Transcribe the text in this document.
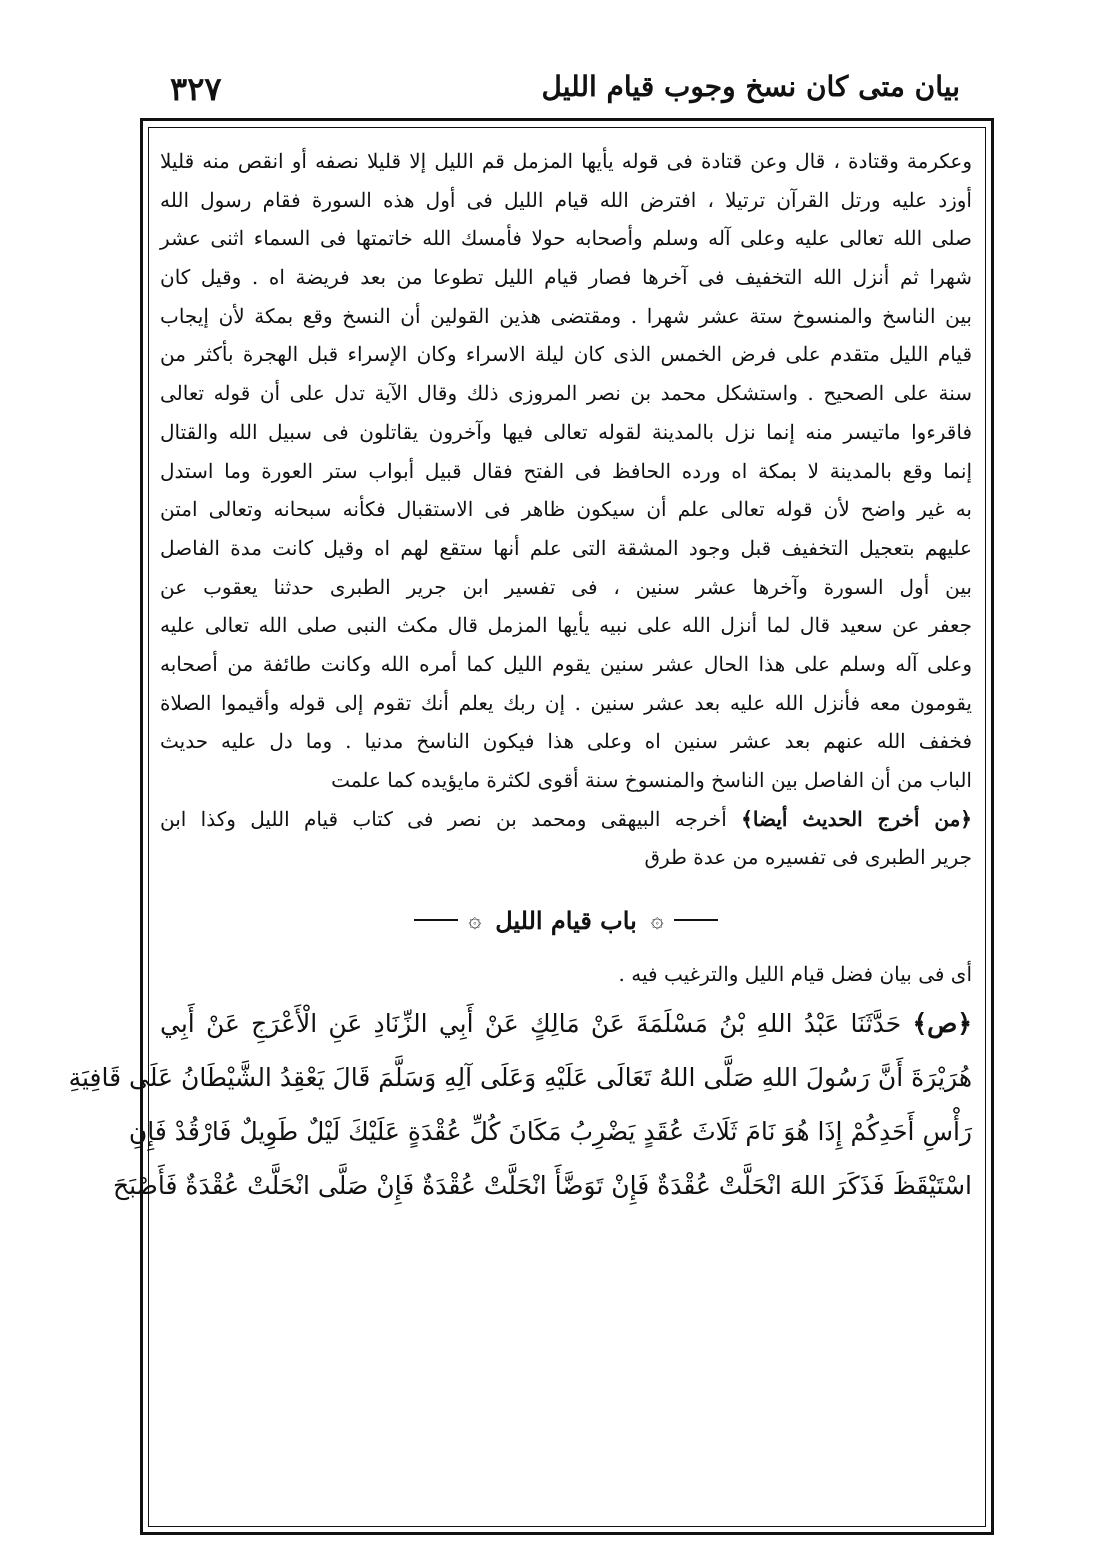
٣٢٧	بيان متى كان نسخ وجوب قيام الليل
وعكرمة وقتادة ، قال وعن قتادة فى قوله يأيها المزمل قم الليل إلا قليلا نصفه أو انقص منه قليلا
أوزد عليه ورتل القرآن ترتيلا ، افترض الله قيام الليل فى أول هذه السورة فقام رسول الله
صلى الله تعالى عليه وعلى آله وسلم وأصحابه حولا فأمسك الله خاتمتها فى السماء اثنى عشر
شهرا ثم أنزل الله التخفيف فى آخرها فصار قيام الليل تطوعا من بعد فريضة اه . وقيل كان
بين الناسخ والمنسوخ ستة عشر شهرا . ومقتضى هذين القولين أن النسخ وقع بمكة لأن إيجاب
قيام الليل متقدم على فرض الخمس الذى كان ليلة الاسراء وكان الإسراء قبل الهجرة بأكثر من
سنة على الصحيح . واستشكل محمد بن نصر المروزى ذلك وقال الآية تدل على أن قوله تعالى
فاقرءوا ماتيسر منه إنما نزل بالمدينة لقوله تعالى فيها وآخرون يقاتلون فى سبيل الله والقتال
إنما وقع بالمدينة لا بمكة اه ورده الحافظ فى الفتح فقال قبيل أبواب ستر العورة وما استدل
به غير واضح لأن قوله تعالى علم أن سيكون ظاهر فى الاستقبال فكأنه سبحانه وتعالى امتن
عليهم بتعجيل التخفيف قبل وجود المشقة التى علم أنها ستقع لهم اه وقيل كانت مدة الفاصل
بين أول السورة وآخرها عشر سنين ، فى تفسير ابن جرير الطبرى حدثنا يعقوب عن
جعفر عن سعيد قال لما أنزل الله على نبيه يأيها المزمل قال مكث النبى صلى الله تعالى عليه
وعلى آله وسلم على هذا الحال عشر سنين يقوم الليل كما أمره الله وكانت طائفة من أصحابه
يقومون معه فأنزل الله عليه بعد عشر سنين . إن ربك يعلم أنك تقوم إلى قوله وأقيموا الصلاة
فخفف الله عنهم بعد عشر سنين اه وعلى هذا فيكون الناسخ مدنيا . وما دل عليه حديث
الباب من أن الفاصل بين الناسخ والمنسوخ سنة أقوى لكثرة مايؤيده كما علمت
﴿من أخرج الحديث أيضا﴾ أخرجه البيهقى ومحمد بن نصر فى كتاب قيام الليل وكذا ابن
جرير الطبرى فى تفسيره من عدة طرق
۞
باب قيام الليل
۞
أى فى بيان فضل قيام الليل والترغيب فيه .
﴿ص﴾ حَدَّثَنَا عَبْدُ اللهِ بْنُ مَسْلَمَةَ عَنْ مَالِكٍ عَنْ أَبِي الزِّنَادِ عَنِ الْأَعْرَجِ عَنْ أَبِي
هُرَيْرَةَ أَنَّ رَسُولَ اللهِ صَلَّى اللهُ تَعَالَى عَلَيْهِ وَعَلَى آلِهِ وَسَلَّمَ قَالَ يَعْقِدُ الشَّيْطَانُ عَلَى قَافِيَةِ
رَأْسِ أَحَدِكُمْ إِذَا هُوَ نَامَ ثَلَاثَ عُقَدٍ يَضْرِبُ مَكَانَ كُلِّ عُقْدَةٍ عَلَيْكَ لَيْلٌ طَوِيلٌ فَارْقُدْ فَإِنِ
اسْتَيْقَظَ فَذَكَرَ اللهَ انْحَلَّتْ عُقْدَةٌ فَإِنْ تَوَضَّأَ انْحَلَّتْ عُقْدَةٌ فَإِنْ صَلَّى انْحَلَّتْ عُقْدَةٌ فَأَصْبَحَ
